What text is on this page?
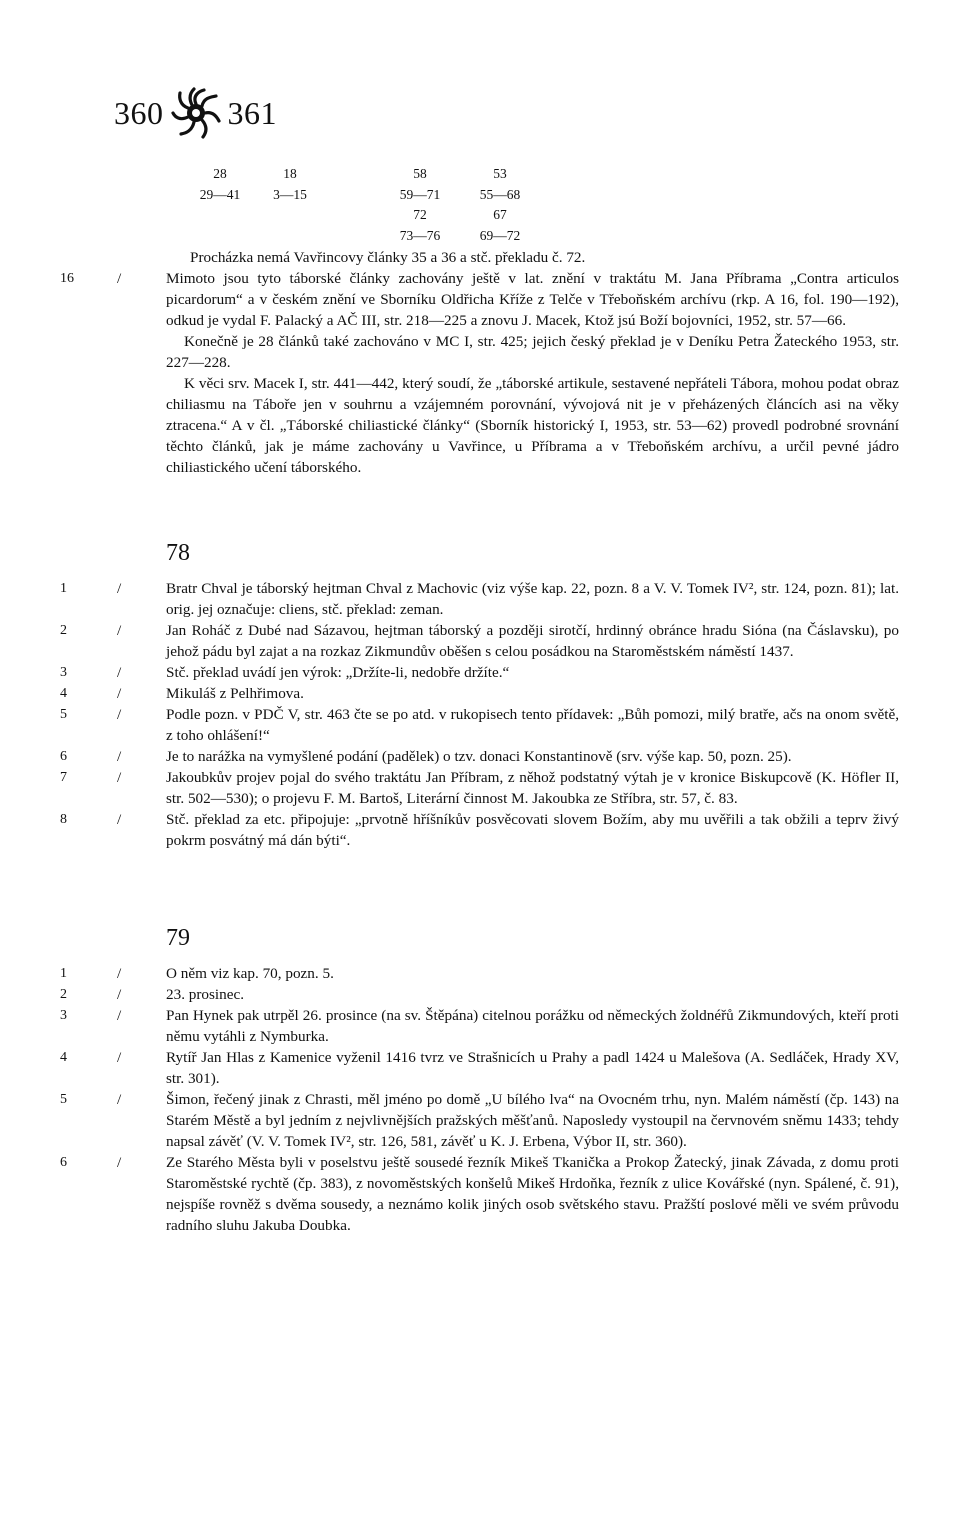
360 361
28	18	58	53
29—41	3—15	59—71	55—68
72	67
73—76	69—72
Procházka nemá Vavřincovy články 35 a 36 a stč. překladu č. 72.
16	/	Mimoto jsou tyto táborské články zachovány ještě v lat. znění v traktátu M. Jana Příbrama „Contra articulos picardorum“ a v českém znění ve Sborníku Oldřicha Kříže z Telče v Třeboňském archívu (rkp. A 16, fol. 190—192), odkud je vydal F. Palacký a AČ III, str. 218—225 a znovu J. Macek, Ktož jsú Boží bojovníci, 1952, str. 57—66.
Konečně je 28 článků také zachováno v MC I, str. 425; jejich český překlad je v Deníku Petra Žateckého 1953, str. 227—228.
K věci srv. Macek I, str. 441—442, který soudí, že „táborské artikule, sestavené nepřáteli Tábora, mohou podat obraz chiliasmu na Táboře jen v souhrnu a vzájemném porovnání, vývojová nit je v přeházených článcích asi na věky ztracena.“ A v čl. „Táborské chiliastické články“ (Sborník historický I, 1953, str. 53—62) provedl podrobné srovnání těchto článků, jak je máme zachovány u Vavřince, u Příbrama a v Třeboňském archívu, a určil pevné jádro chiliastického učení táborského.
78
1	/	Bratr Chval je táborský hejtman Chval z Machovic (viz výše kap. 22, pozn. 8 a V. V. Tomek IV², str. 124, pozn. 81); lat. orig. jej označuje: cliens, stč. překlad: zeman.
2	/	Jan Roháč z Dubé nad Sázavou, hejtman táborský a později sirotčí, hrdinný obránce hradu Sióna (na Čáslavsku), po jehož pádu byl zajat a na rozkaz Zikmundův oběšen s celou posádkou na Staroměstském náměstí 1437.
3	/	Stč. překlad uvádí jen výrok: „Držíte-li, nedobře držíte.“
4	/	Mikuláš z Pelhřimova.
5	/	Podle pozn. v PDČ V, str. 463 čte se po atd. v rukopisech tento přídavek: „Bůh pomozi, milý bratře, ačs na onom světě, z toho ohlášení!“
6	/	Je to narážka na vymyšlené podání (padělek) o tzv. donaci Konstantinově (srv. výše kap. 50, pozn. 25).
7	/	Jakoubkův projev pojal do svého traktátu Jan Příbram, z něhož podstatný výtah je v kronice Biskupcově (K. Höfler II, str. 502—530); o projevu F. M. Bartoš, Literární činnost M. Jakoubka ze Stříbra, str. 57, č. 83.
8	/	Stč. překlad za etc. připojuje: „prvotně hříšníkův posvěcovati slovem Božím, aby mu uvěřili a tak obžili a teprv živý pokrm posvátný má dán býti“.
79
1	/	O něm viz kap. 70, pozn. 5.
2	/	23. prosinec.
3	/	Pan Hynek pak utrpěl 26. prosince (na sv. Štěpána) citelnou porážku od německých žoldnéřů Zikmundových, kteří proti němu vytáhli z Nymburka.
4	/	Rytíř Jan Hlas z Kamenice vyženil 1416 tvrz ve Strašnicích u Prahy a padl 1424 u Malešova (A. Sedláček, Hrady XV, str. 301).
5	/	Šimon, řečený jinak z Chrasti, měl jméno po domě „U bílého lva“ na Ovocném trhu, nyn. Malém náměstí (čp. 143) na Starém Městě a byl jedním z nejvlivnějších pražských měšťanů. Naposledy vystoupil na červnovém sněmu 1433; tehdy napsal závěť (V. V. Tomek IV², str. 126, 581, závěť u K. J. Erbena, Výbor II, str. 360).
6	/	Ze Starého Města byli v poselstvu ještě sousedé řezník Mikeš Tkanička a Prokop Žatecký, jinak Závada, z domu proti Staroměstské rychtě (čp. 383), z novoměstských konšelů Mikeš Hrdoňka, řezník z ulice Kovářské (nyn. Spálené, č. 91), nejspíše rovněž s dvěma sousedy, a neznámo kolik jiných osob světského stavu. Pražští poslové měli ve svém průvodu radního sluhu Jakuba Doubka.
